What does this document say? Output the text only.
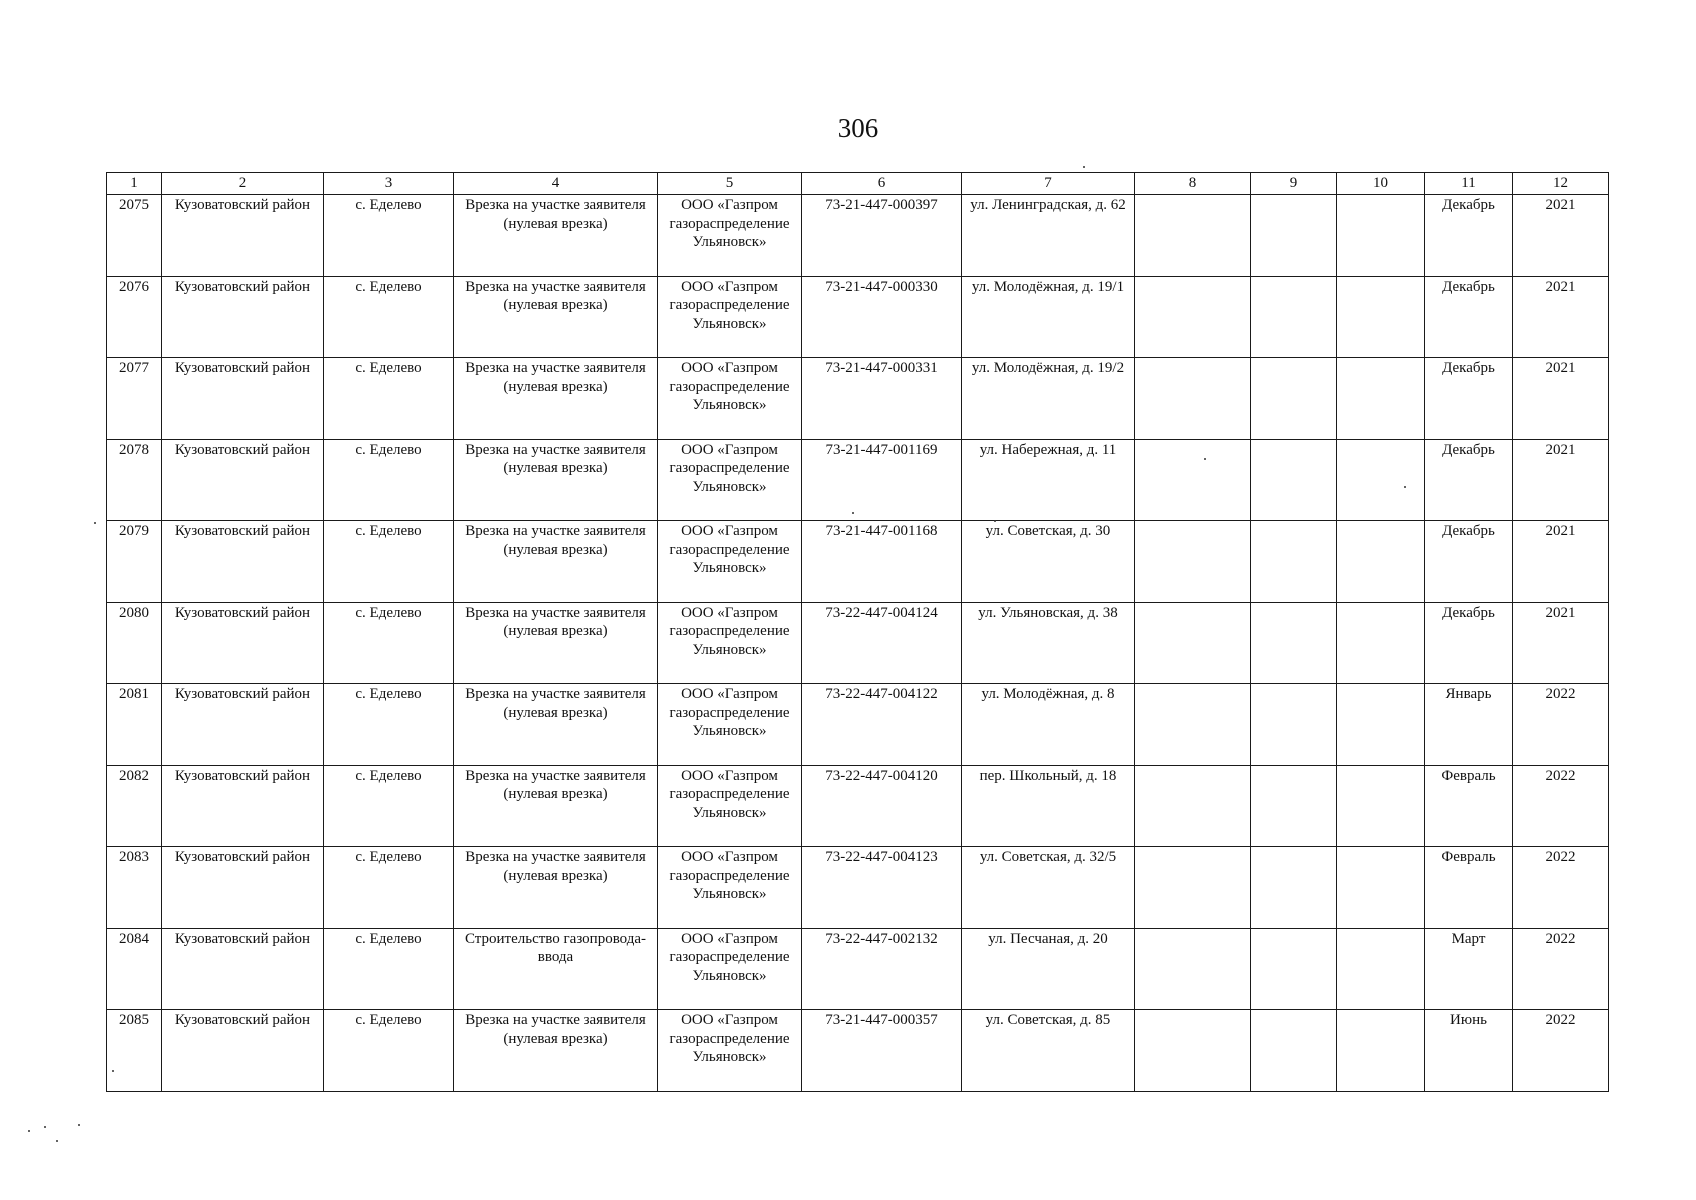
306
1	2	3	4	5	6	7	8	9	10	11	12
2075	Кузоватовский район	с. Еделево	Врезка на участке заявителя (нулевая врезка)	ООО «Газпром газораспределение Ульяновск»	73-21-447-000397	ул. Ленинградская, д. 62				Декабрь	2021
2076	Кузоватовский район	с. Еделево	Врезка на участке заявителя (нулевая врезка)	ООО «Газпром газораспределение Ульяновск»	73-21-447-000330	ул. Молодёжная, д. 19/1				Декабрь	2021
2077	Кузоватовский район	с. Еделево	Врезка на участке заявителя (нулевая врезка)	ООО «Газпром газораспределение Ульяновск»	73-21-447-000331	ул. Молодёжная, д. 19/2				Декабрь	2021
2078	Кузоватовский район	с. Еделево	Врезка на участке заявителя (нулевая врезка)	ООО «Газпром газораспределение Ульяновск»	73-21-447-001169	ул. Набережная, д. 11				Декабрь	2021
2079	Кузоватовский район	с. Еделево	Врезка на участке заявителя (нулевая врезка)	ООО «Газпром газораспределение Ульяновск»	73-21-447-001168	ул. Советская, д. 30				Декабрь	2021
2080	Кузоватовский район	с. Еделево	Врезка на участке заявителя (нулевая врезка)	ООО «Газпром газораспределение Ульяновск»	73-22-447-004124	ул. Ульяновская, д. 38				Декабрь	2021
2081	Кузоватовский район	с. Еделево	Врезка на участке заявителя (нулевая врезка)	ООО «Газпром газораспределение Ульяновск»	73-22-447-004122	ул. Молодёжная, д. 8				Январь	2022
2082	Кузоватовский район	с. Еделево	Врезка на участке заявителя (нулевая врезка)	ООО «Газпром газораспределение Ульяновск»	73-22-447-004120	пер. Школьный, д. 18				Февраль	2022
2083	Кузоватовский район	с. Еделево	Врезка на участке заявителя (нулевая врезка)	ООО «Газпром газораспределение Ульяновск»	73-22-447-004123	ул. Советская, д. 32/5				Февраль	2022
2084	Кузоватовский район	с. Еделево	Строительство газопровода-ввода	ООО «Газпром газораспределение Ульяновск»	73-22-447-002132	ул. Песчаная, д. 20				Март	2022
2085	Кузоватовский район	с. Еделево	Врезка на участке заявителя (нулевая врезка)	ООО «Газпром газораспределение Ульяновск»	73-21-447-000357	ул. Советская, д. 85				Июнь	2022
